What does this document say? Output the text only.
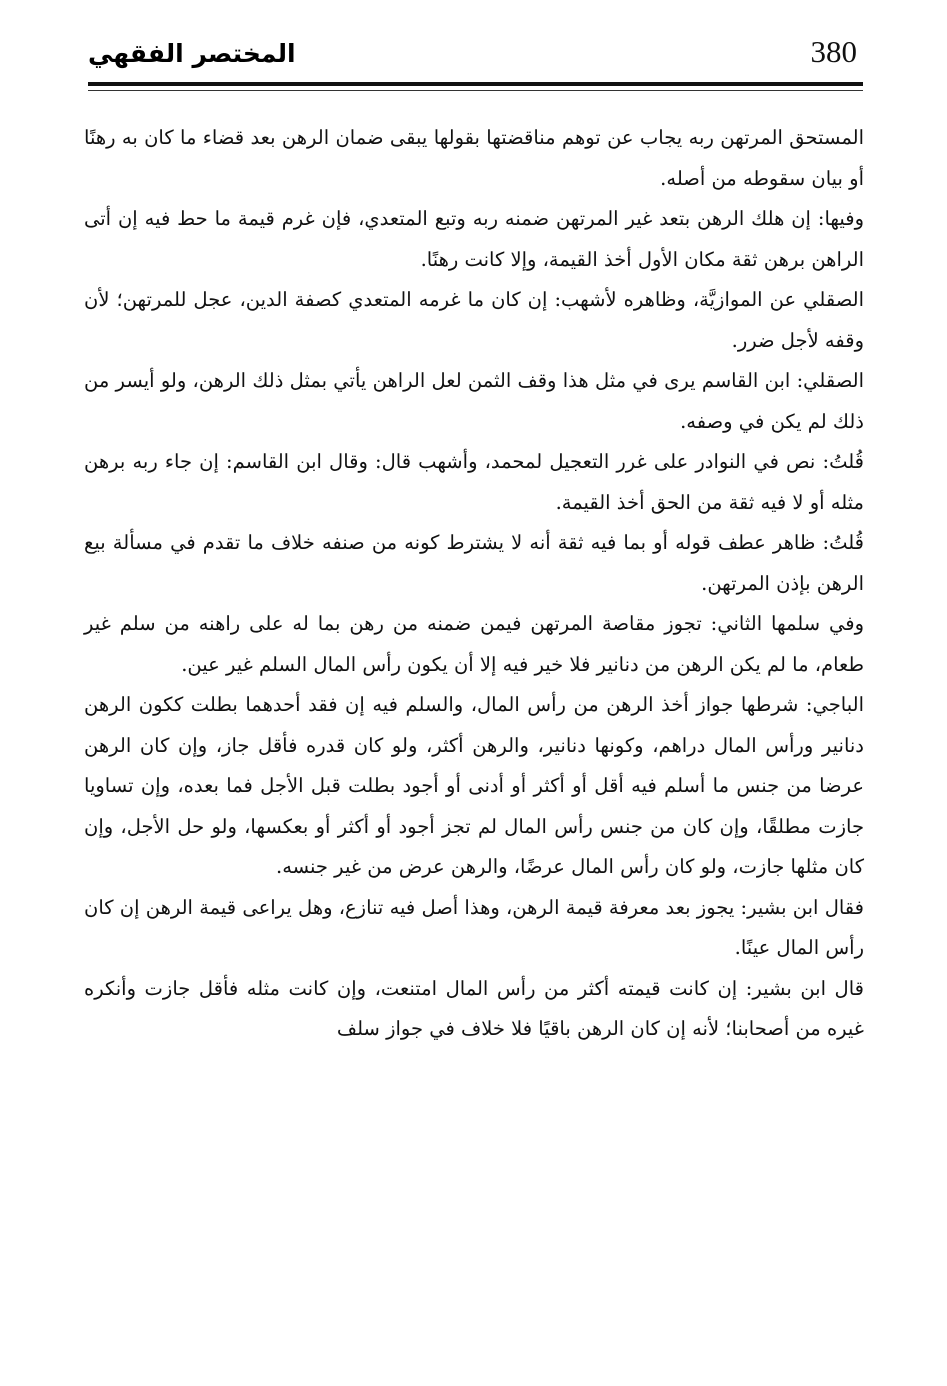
380
المختصر الفقهي

المستحق المرتهن ربه يجاب عن توهم مناقضتها بقولها يبقى ضمان الرهن بعد قضاء ما كان به رهنًا أو بيان سقوطه من أصله.

وفيها: إن هلك الرهن بتعد غير المرتهن ضمنه ربه وتبع المتعدي، فإن غرم قيمة ما حط فيه إن أتى الراهن برهن ثقة مكان الأول أخذ القيمة، وإلا كانت رهنًا.

الصقلي عن الموازيَّة، وظاهره لأشهب: إن كان ما غرمه المتعدي كصفة الدين، عجل للمرتهن؛ لأن وقفه لأجل ضرر.

الصقلي: ابن القاسم يرى في مثل هذا وقف الثمن لعل الراهن يأتي بمثل ذلك الرهن، ولو أيسر من ذلك لم يكن في وصفه.

قُلتُ: نص في النوادر على غرر التعجيل لمحمد، وأشهب قال: وقال ابن القاسم: إن جاء ربه برهن مثله أو لا فيه ثقة من الحق أخذ القيمة.

قُلتُ: ظاهر عطف قوله أو بما فيه ثقة أنه لا يشترط كونه من صنفه خلاف ما تقدم في مسألة بيع الرهن بإذن المرتهن.

وفي سلمها الثاني: تجوز مقاصة المرتهن فيمن ضمنه من رهن بما له على راهنه من سلم غير طعام، ما لم يكن الرهن من دنانير فلا خير فيه إلا أن يكون رأس المال السلم غير عين.

الباجي: شرطها جواز أخذ الرهن من رأس المال، والسلم فيه إن فقد أحدهما بطلت ككون الرهن دنانير ورأس المال دراهم، وكونها دنانير، والرهن أكثر، ولو كان قدره فأقل جاز، وإن كان الرهن عرضا من جنس ما أسلم فيه أقل أو أكثر أو أدنى أو أجود بطلت قبل الأجل فما بعده، وإن تساويا جازت مطلقًا، وإن كان من جنس رأس المال لم تجز أجود أو أكثر أو بعكسها، ولو حل الأجل، وإن كان مثلها جازت، ولو كان رأس المال عرضًا، والرهن عرض من غير جنسه.

فقال ابن بشير: يجوز بعد معرفة قيمة الرهن، وهذا أصل فيه تنازع، وهل يراعى قيمة الرهن إن كان رأس المال عينًا.

قال ابن بشير: إن كانت قيمته أكثر من رأس المال امتنعت، وإن كانت مثله فأقل جازت وأنكره غيره من أصحابنا؛ لأنه إن كان الرهن باقيًا فلا خلاف في جواز سلف
